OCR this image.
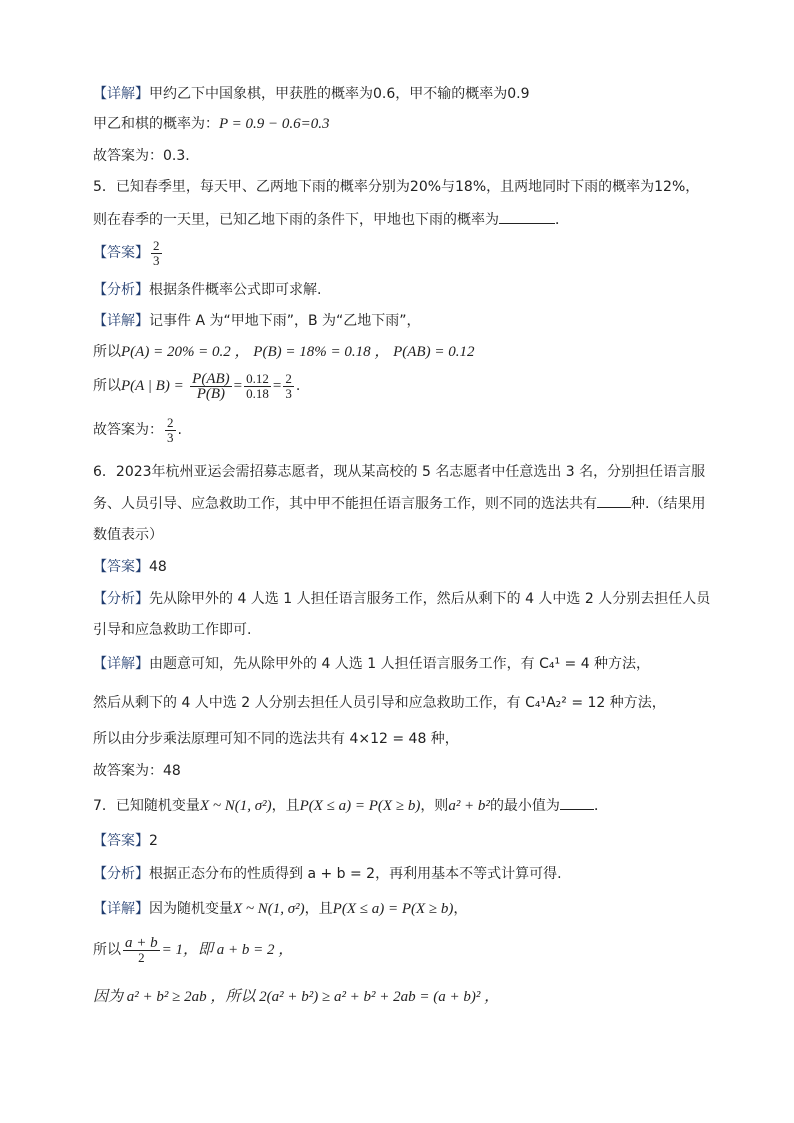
【详解】甲约乙下中国象棋，甲获胜的概率为0.6，甲不输的概率为0.9
甲乙和棋的概率为：P = 0.9 − 0.6=0.3
故答案为：0.3.
5．已知春季里，每天甲、乙两地下雨的概率分别为20%与18%，且两地同时下雨的概率为12%，
则在春季的一天里，已知乙地下雨的条件下，甲地也下雨的概率为	．
【答案】 $\frac{2}{3}$
【分析】根据条件概率公式即可求解.
【详解】记事件 A 为“甲地下雨”，B 为“乙地下雨”，
所以P(A) = 20% = 0.2 ， P(B) = 18% = 0.18 ， P(AB) = 0.12
所以P(A | $B) = \frac{P(AB)}{P(B)} = \frac{0.12}{0.18} = \frac{2}{3}$ .
故答案为： $\frac{2}{3}$ .
6．2023年杭州亚运会需招募志愿者，现从某高校的 5 名志愿者中任意选出 3 名，分别担任语言服
务、人员引导、应急救助工作，其中甲不能担任语言服务工作，则不同的选法共有 种.（结果用
数值表示）
【答案】48
【分析】先从除甲外的 4 人选 1 人担任语言服务工作，然后从剩下的 4 人中选 2 人分别去担任人员
引导和应急救助工作即可.
【详解】由题意可知，先从除甲外的 4 人选 1 人担任语言服务工作，有 C₄¹ = 4 种方法，
然后从剩下的 4 人中选 2 人分别去担任人员引导和应急救助工作，有 C₄¹A₂² = 12 种方法，
所以由分步乘法原理可知不同的选法共有 4×12 = 48 种，
故答案为：48
7．已知随机变量X ~ N(1, σ²)，且P(X ≤ a) = P(X ≥ b)，则a² + b²的最小值为 ．
【答案】2
【分析】根据正态分布的性质得到 a + b = 2，再利用基本不等式计算可得.
【详解】因为随机变量X ~ N(1, σ²)，且P(X ≤ a) = P(X ≥ b)，
所以 $\frac{a + b}{2} = 1$，即 a + b = 2 ，
因为 a² + b² ≥ 2ab ，所以 2(a² + b²) ≥ a² + b² + 2ab = (a + b)² ，
